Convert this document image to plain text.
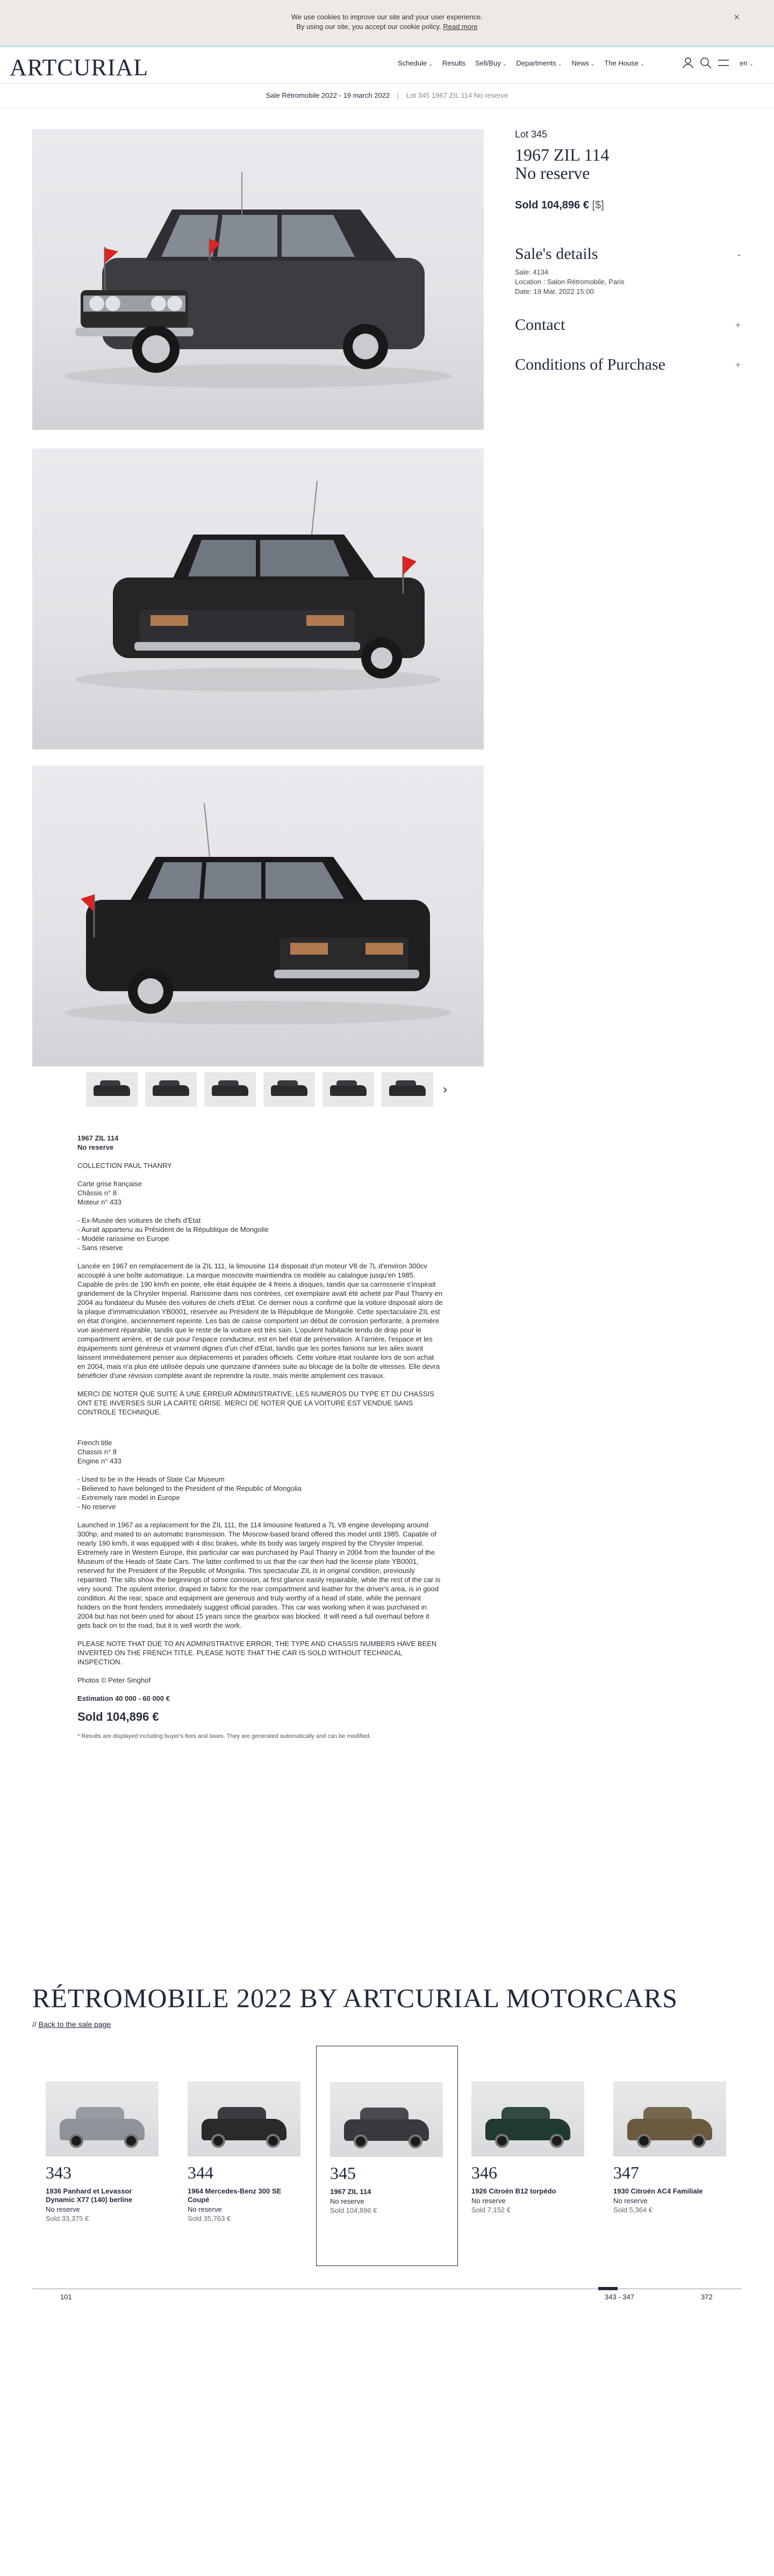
We use cookies to improve our site and your user experience.
By using our site, you accept our cookie policy. Read more
×
ARTCURIAL	Schedule ⌄ Results Sell/Buy ⌄ Departments ⌄ News ⌄ The House ⌄	en ⌄
Sale Rétromobile 2022 - 19 march 2022 | Lot 345 1967 ZIL 114 No reserve
›
Lot 345
1967 ZIL 114
No reserve
Sold 104,896 € [$]
Sale's details	-
Sale: 4134
Location : Salon Rétromobile, Paris
Date: 19 Mar. 2022 15:00
Contact	+
Conditions of Purchase	+

1967 ZIL 114
No reserve

COLLECTION PAUL THANRY

Carte grise française
Châssis n° 8
Moteur n° 433

- Ex-Musée des voitures de chefs d'Etat
- Aurait appartenu au Président de la République de Mongolie
- Modèle rarissime en Europe
- Sans réserve

Lancée en 1967 en remplacement de la ZIL 111, la limousine 114 disposait d'un moteur V8 de 7L d'environ 300cv accouplé à une boîte automatique. La marque moscovite maintiendra ce modèle au catalogue jusqu'en 1985. Capable de près de 190 km/h en pointe, elle était équipée de 4 freins à disques, tandis que sa carrosserie s'inspirait grandement de la Chrysler Imperial. Rarissime dans nos contrées, cet exemplaire avait été acheté par Paul Thanry en 2004 au fondateur du Musée des voitures de chefs d'Etat. Ce dernier nous a confirmé que la voiture disposait alors de la plaque d'immatriculation YB0001, réservée au Président de la République de Mongolie. Cette spectaculaire ZIL est en état d'origine, anciennement repeinte. Les bas de caisse comportent un début de corrosion perforante, à première vue aisément réparable, tandis que le reste de la voiture est très sain. L'opulent habitacle tendu de drap pour le compartiment arrière, et de cuir pour l'espace conducteur, est en bel état de préservation. A l'arrière, l'espace et les équipements sont généreux et vraiment dignes d'un chef d'Etat, tandis que les portes fanions sur les ailes avant laissent immédiatement penser aux déplacements et parades officiels. Cette voiture était roulante lors de son achat en 2004, mais n'a plus été utilisée depuis une quinzaine d'années suite au blocage de la boîte de vitesses. Elle devra bénéficier d'une révision complète avant de reprendre la route, mais mérite amplement ces travaux.

MERCI DE NOTER QUE SUITE À UNE ERREUR ADMINISTRATIVE, LES NUMEROS DU TYPE ET DU CHASSIS ONT ETE INVERSES SUR LA CARTE GRISE. MERCI DE NOTER QUE LA VOITURE EST VENDUE SANS CONTROLE TECHNIQUE.

French title
Chassis n° 8
Engine n° 433

- Used to be in the Heads of State Car Museum
- Believed to have belonged to the President of the Republic of Mongolia
- Extremely rare model in Europe
- No reserve

Launched in 1967 as a replacement for the ZIL 111, the 114 limousine featured a 7L V8 engine developing around 300hp, and mated to an automatic transmission. The Moscow-based brand offered this model until 1985. Capable of nearly 190 km/h, it was equipped with 4 disc brakes, while its body was largely inspired by the Chrysler Imperial.

Extremely rare in Western Europe, this particular car was purchased by Paul Thanry in 2004 from the founder of the Museum of the Heads of State Cars. The latter confirmed to us that the car then had the license plate YB0001, reserved for the President of the Republic of Mongolia. This spectacular ZIL is in original condition, previously repainted. The sills show the beginnings of some corrosion, at first glance easily repairable, while the rest of the car is very sound. The opulent interior, draped in fabric for the rear compartment and leather for the driver's area, is in good condition. At the rear, space and equipment are generous and truly worthy of a head of state, while the pennant holders on the front fenders immediately suggest official parades. This car was working when it was purchased in 2004 but has not been used for about 15 years since the gearbox was blocked. It will need a full overhaul before it gets back on to the road, but it is well worth the work.

PLEASE NOTE THAT DUE TO AN ADMINISTRATIVE ERROR, THE TYPE AND CHASSIS NUMBERS HAVE BEEN INVERTED ON THE FRENCH TITLE. PLEASE NOTE THAT THE CAR IS SOLD WITHOUT TECHNICAL INSPECTION.

Photos © Peter Singhof

Estimation 40 000 - 60 000 €

Sold 104,896 €
* Results are displayed including buyer's fees and taxes. They are generated automatically and can be modified.
RÉTROMOBILE 2022 BY ARTCURIAL MOTORCARS
// Back to the sale page
343
1936 Panhard et Levassor Dynamic X77 (140) berline
No reserve
Sold 33,375 €
344
1964 Mercedes-Benz 300 SE Coupé
No reserve
Sold 35,763 €
345
1967 ZIL 114
No reserve
Sold 104,896 €
346
1926 Citroën B12 torpédo
No reserve
Sold 7,152 €
347
1930 Citroën AC4 Familiale
No reserve
Sold 5,364 €
101	343 - 347	372
